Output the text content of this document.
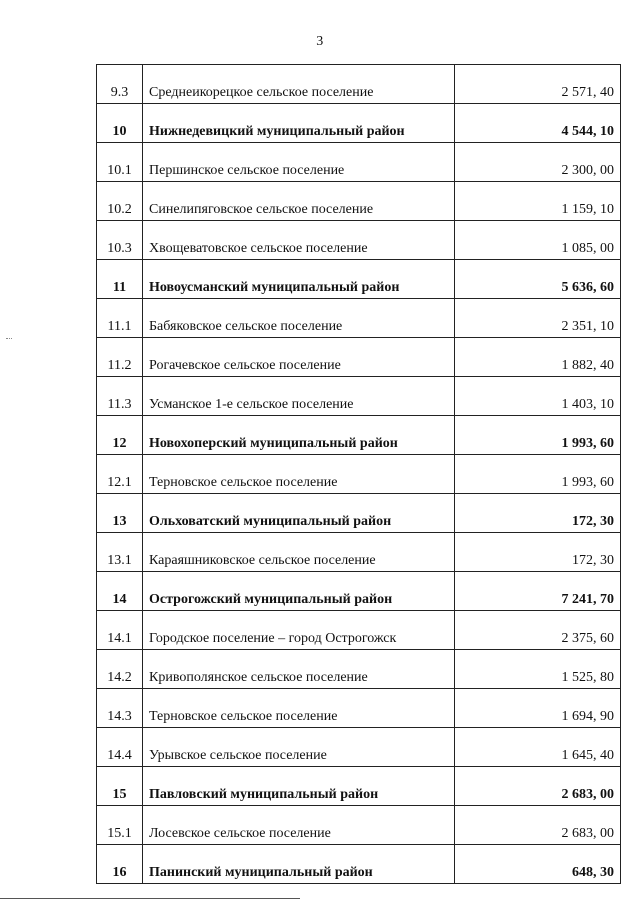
3
9.3	Среднеикорецкое сельское поселение	2 571, 40
10	Нижнедевицкий муниципальный район	4 544, 10
10.1	Першинское сельское поселение	2 300, 00
10.2	Синелипяговское сельское поселение	1 159, 10
10.3	Хвощеватовское сельское поселение	1 085, 00
11	Новоусманский муниципальный район	5 636, 60
11.1	Бабяковское сельское поселение	2 351, 10
11.2	Рогачевское сельское поселение	1 882, 40
11.3	Усманское 1-е сельское поселение	1 403, 10
12	Новохоперский муниципальный район	1 993, 60
12.1	Терновское сельское поселение	1 993, 60
13	Ольховатский муниципальный район	172, 30
13.1	Караяшниковское сельское поселение	172, 30
14	Острогожский муниципальный район	7 241, 70
14.1	Городское поселение – город Острогожск	2 375, 60
14.2	Кривополянское сельское поселение	1 525, 80
14.3	Терновское сельское поселение	1 694, 90
14.4	Урывское сельское поселение	1 645, 40
15	Павловский муниципальный район	2 683, 00
15.1	Лосевское сельское поселение	2 683, 00
16	Панинский муниципальный район	648, 30
